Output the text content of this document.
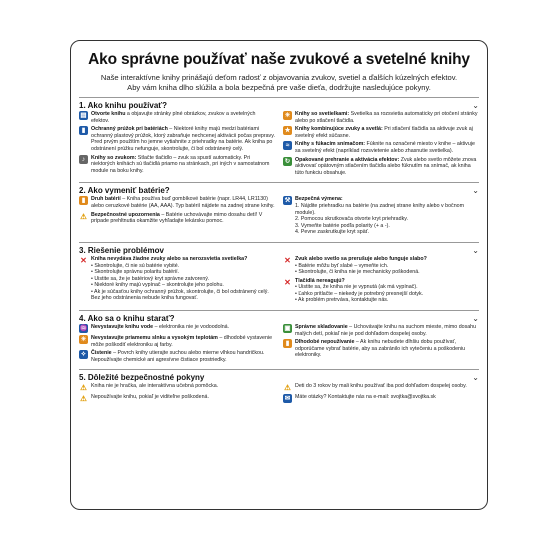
Ako správne používať naše zvukové a svetelné knihy
Naše interaktívne knihy prinášajú deťom radosť z objavovania zvukov, svetiel a ďalších kúzelných efektov.
Aby vám kniha dlho slúžila a bola bezpečná pre vaše dieťa, dodržujte nasledujúce pokyny.
1. Ako knihu používať?	⌄
▤ Otvorte knihu a objavujte stránky plné obrázkov, zvukov a svetelných efektov.
▮	Ochranný prúžok pri batériách – Niektoré knihy majú medzi batériami ochranný plastový prúžok, ktorý zabraňuje nechcenej aktivácii počas prepravy. Pred prvým použitím ho jemne vytiahnite z priehradky na batérie. Ak kniha po odstránení prúžku nefunguje, skontrolujte, či bol odstránený celý.
♪	Knihy so zvukom: Stlačte tlačidlo – zvuk sa spustí automaticky. Pri niektorých knihách sú tlačidlá priamo na stránkach, pri iných v samostatnom module na boku knihy.
☀ Knihy so svetielkami: Svetielka sa rozsvietia automaticky pri otočení stránky alebo po stlačení tlačidla.
★ Knihy kombinujúce zvuky a svetlá: Pri stlačení tlačidla sa aktivuje zvuk aj svetelný efekt súčasne.
≈	Knihy s fúkacím snímačom: Fúknite na označené miesto v knihe – aktivuje sa svetelný efekt (napríklad rozsvietenie alebo zhasnutie svetielka).
↻ Opakované prehranie a aktivácia efektov: Zvuk alebo svetlo môžete znova aktivovať opätovným stlačením tlačidla alebo fúknutím na snímač, ak kniha túto funkciu obsahuje.
2. Ako vymeniť batérie?	⌄
▮	Druh batérií – Kniha používa buď gombíkové batérie (napr. LR44, LR1130) alebo ceruzkové batérie (AA, AAA). Typ batérií nájdete na zadnej strane knihy.
⚠ Bezpečnostné upozornenia – Batérie uchovávajte mimo dosahu detí! V prípade prehltnutia okamžite vyhľadajte lekársku pomoc.
⚒ Bezpečná výmena:
1. Nájdite priehradku na batérie (na zadnej strane knihy alebo v bočnom module).
2. Pomocou skrutkovača otvorte kryt priehradky.
3. Vymeňte batérie podľa polarity (+ a -).
4. Pevne zaskrutkujte kryt späť.
3. Riešenie problémov	⌄
✕ Kniha nevydáva žiadne zvuky alebo sa nerozsvietia svetielka?
• Skontrolujte, či nie sú batérie vybité.
• Skontrolujte správnu polaritu batérií.
• Uistite sa, že je batériový kryt správne zatvorený.
• Niektoré knihy majú vypínač – skontrolujte jeho polohu.
• Ak je súčasťou knihy ochranný prúžok, skontrolujte, či bol odstránený celý. Bez jeho odstránenia nebude kniha fungovať.
✕ Zvuk alebo svetlo sa prerušuje alebo funguje slabo?
• Batérie môžu byť slabé – vymeňte ich.
• Skontrolujte, či kniha nie je mechanicky poškodená.
✕ Tlačidlá nereagujú?
• Uistite sa, že kniha nie je vypnutá (ak má vypínač).
• Ľahko pritlačte – niekedy je potrebný presnejší dotyk.
• Ak problém pretrváva, kontaktujte nás.
4. Ako sa o knihu starať?	⌄
♒ Nevystavujte knihu vode – elektronika nie je vodoodolná.
☀ Nevystavujte priamemu slnku a vysokým teplotám – dlhodobé vystavenie môže poškodiť elektroniku aj farby.
✧ Čistenie – Povrch knihy utierajte suchou alebo mierne vlhkou handričkou. Nepoužívajte chemické ani agresívne čistiace prostriedky.
▣ Správne skladovanie – Uchovávajte knihu na suchom mieste, mimo dosahu malých detí, pokiaľ nie je pod dohľadom dospelej osoby.
▮	Dlhodobé nepoužívanie – Ak knihu nebudete dlhšiu dobu používať, odporúčame vybrať batérie, aby sa zabránilo ich vytečeniu a poškodeniu elektroniky.
5. Dôležité bezpečnostné pokyny	⌄
⚠ Kniha nie je hračka, ale interaktívna učebná pomôcka.
⚠ Nepoužívajte knihu, pokiaľ je viditeľne poškodená.
⚠ Deti do 3 rokov by mali knihu používať iba pod dohľadom dospelej osoby.
✉ Máte otázky? Kontaktujte nás na e-mail: svojtka@svojtka.sk
